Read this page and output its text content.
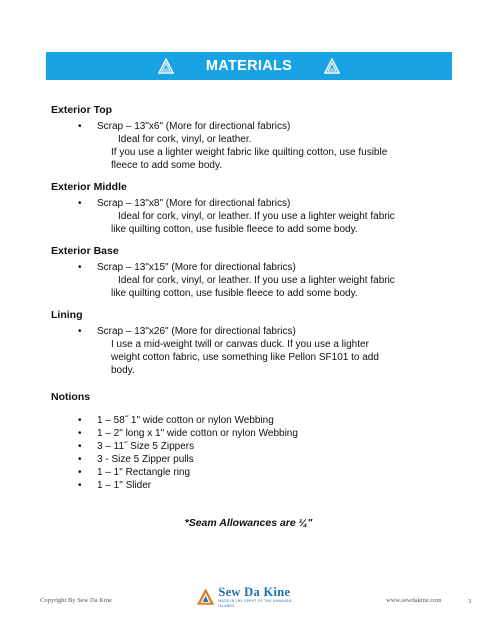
MATERIALS
Exterior Top
• Scrap – 13"x6" (More for directional fabrics)
Ideal for cork, vinyl, or leather.
If you use a lighter weight fabric like quilting cotton, use fusible
fleece to add some body.
Exterior Middle
• Scrap – 13"x8" (More for directional fabrics)
Ideal for cork, vinyl, or leather. If you use a lighter weight fabric
like quilting cotton, use fusible fleece to add some body.
Exterior Base
• Scrap – 13"x15" (More for directional fabrics)
Ideal for cork, vinyl, or leather. If you use a lighter weight fabric
like quilting cotton, use fusible fleece to add some body.
Lining
• Scrap – 13"x26" (More for directional fabrics)
I use a mid-weight twill or canvas duck. If you use a lighter
weight cotton fabric, use something like Pellon SF101 to add
body.
Notions
• 1 – 58˝ 1" wide cotton or nylon Webbing
• 1 – 2" long x 1" wide cotton or nylon Webbing
• 3 – 11˝ Size 5 Zippers
• 3 - Size 5 Zipper pulls
• 1 – 1" Rectangle ring
• 1 – 1" Slider
*Seam Allowances are ¼"
Copyright By Sew Da Kine
Sew Da Kine
MADE IN THE SPIRIT OF THE HAWAIIAN ISLANDS
www.sewdakine.com	3
